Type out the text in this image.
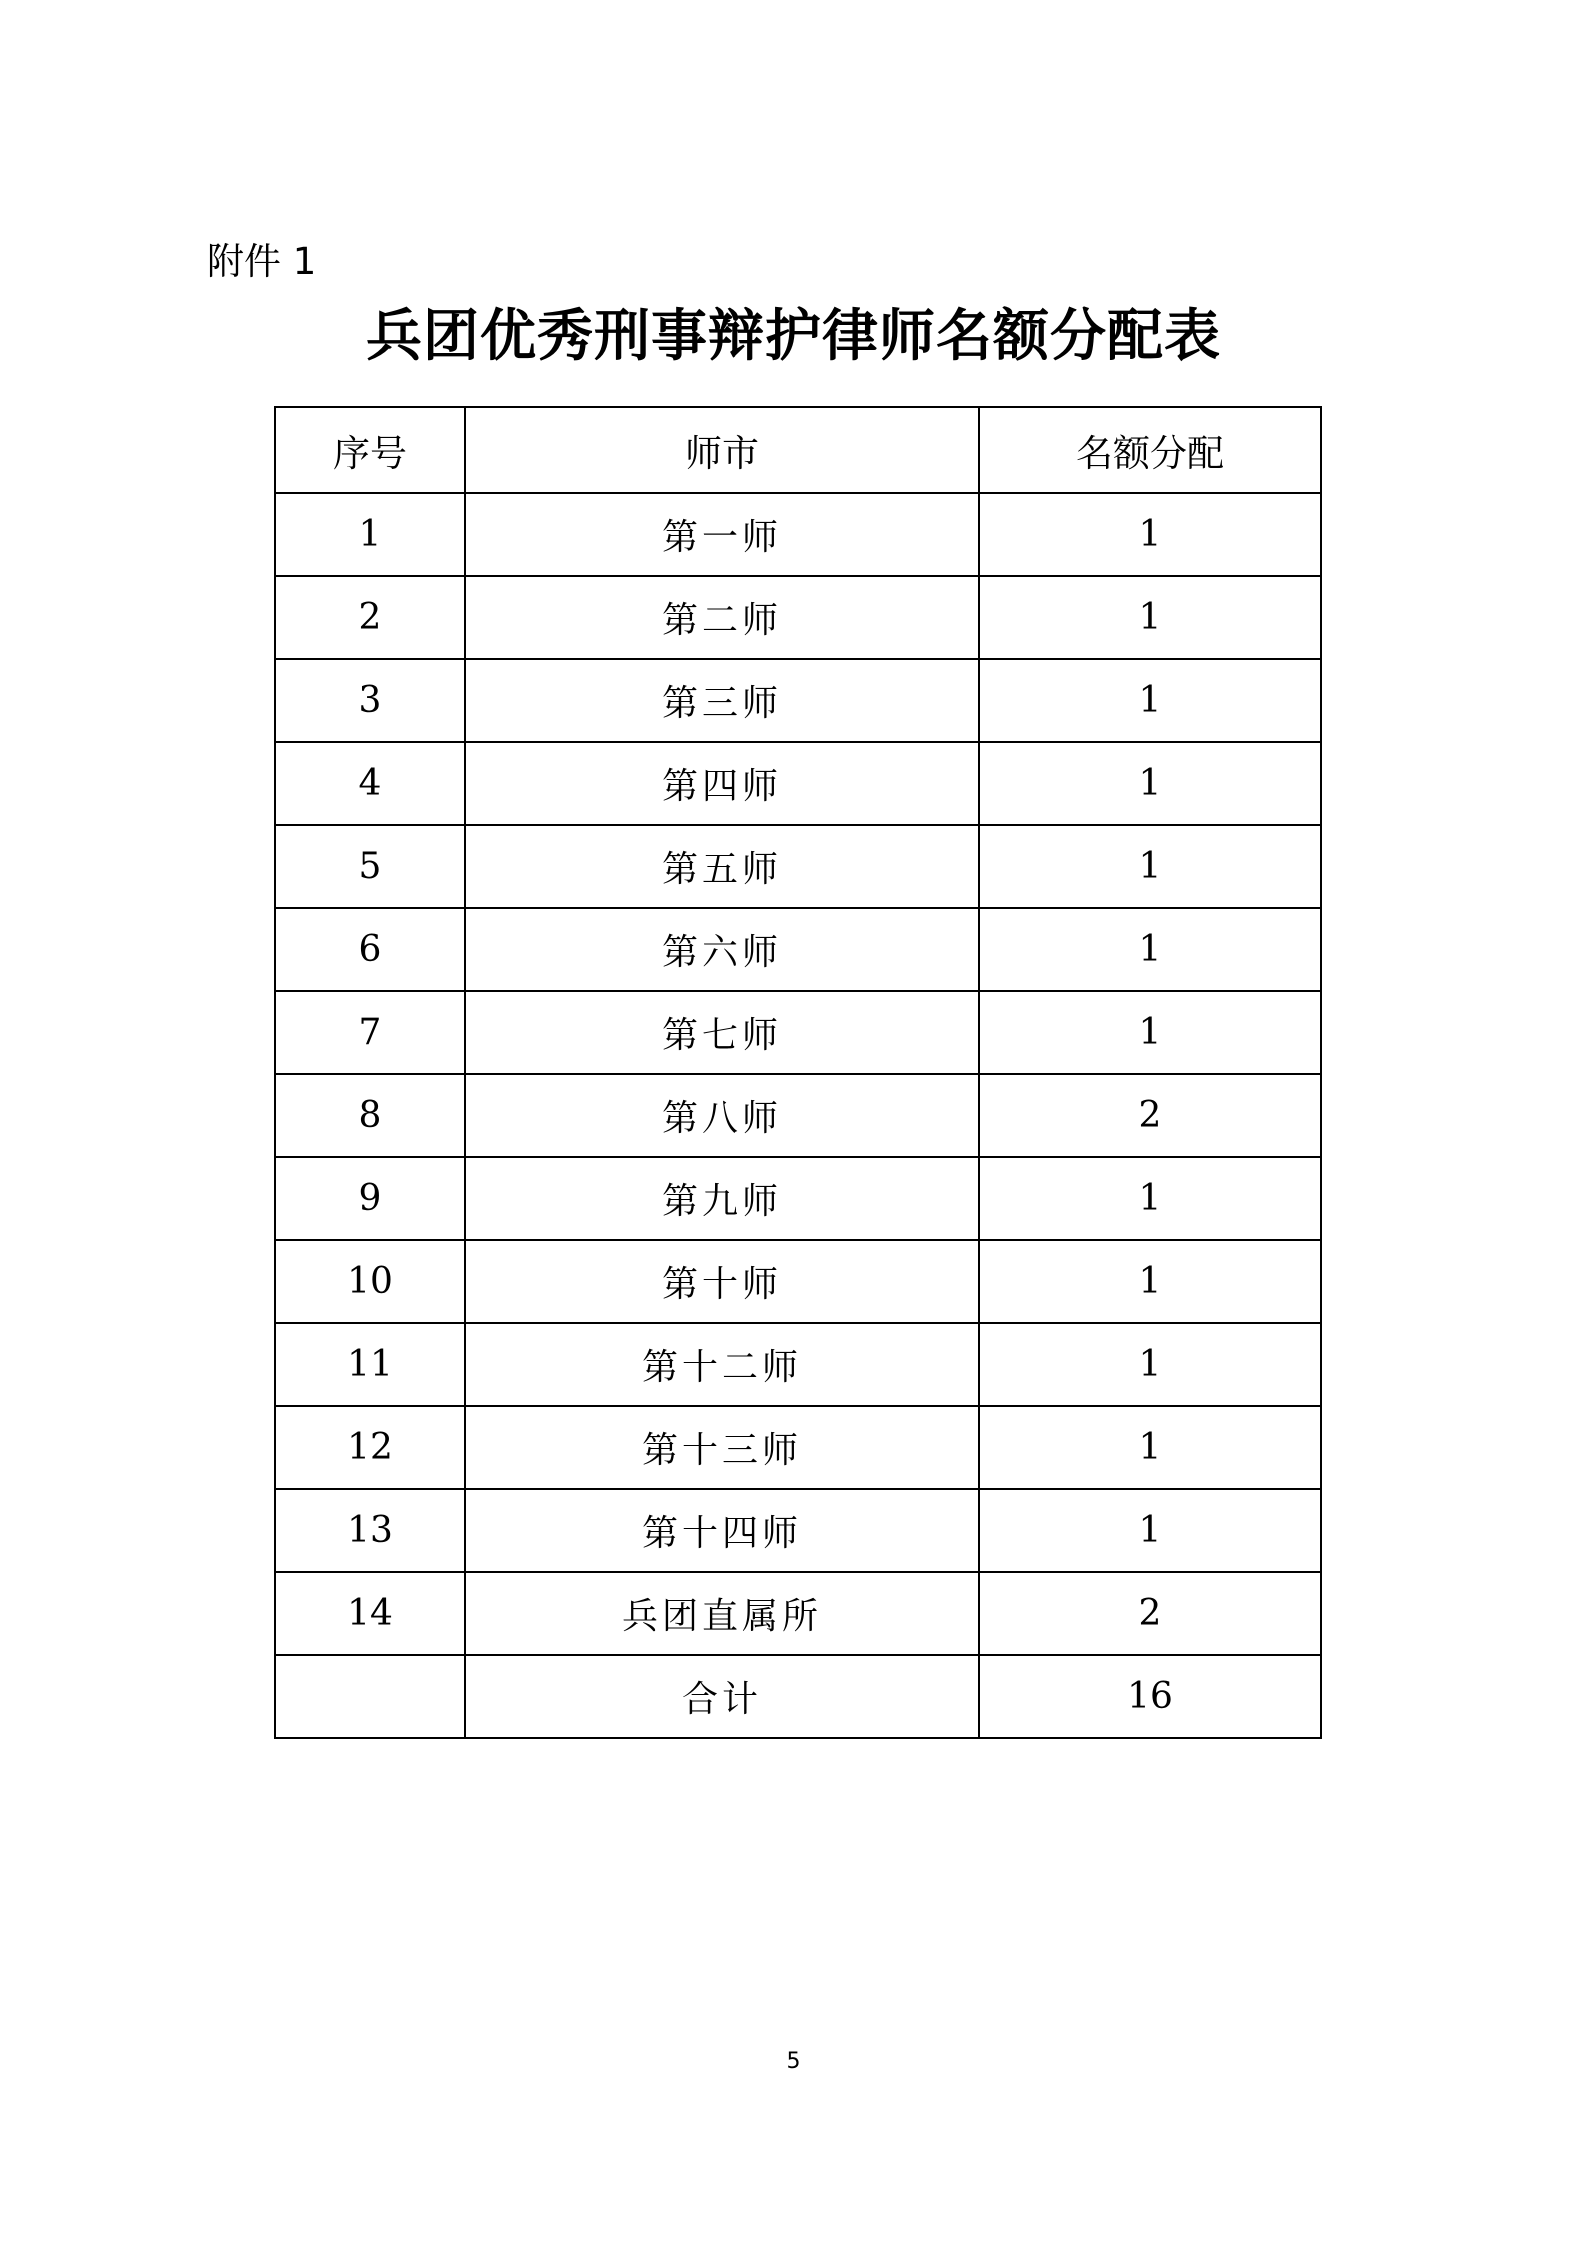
附件 1
兵团优秀刑事辩护律师名额分配表
序号	师市	名额分配
1	第一师	1
2	第二师	1
3	第三师	1
4	第四师	1
5	第五师	1
6	第六师	1
7	第七师	1
8	第八师	2
9	第九师	1
10	第十师	1
11	第十二师	1
12	第十三师	1
13	第十四师	1
14	兵团直属所	2
	合计	16
5
